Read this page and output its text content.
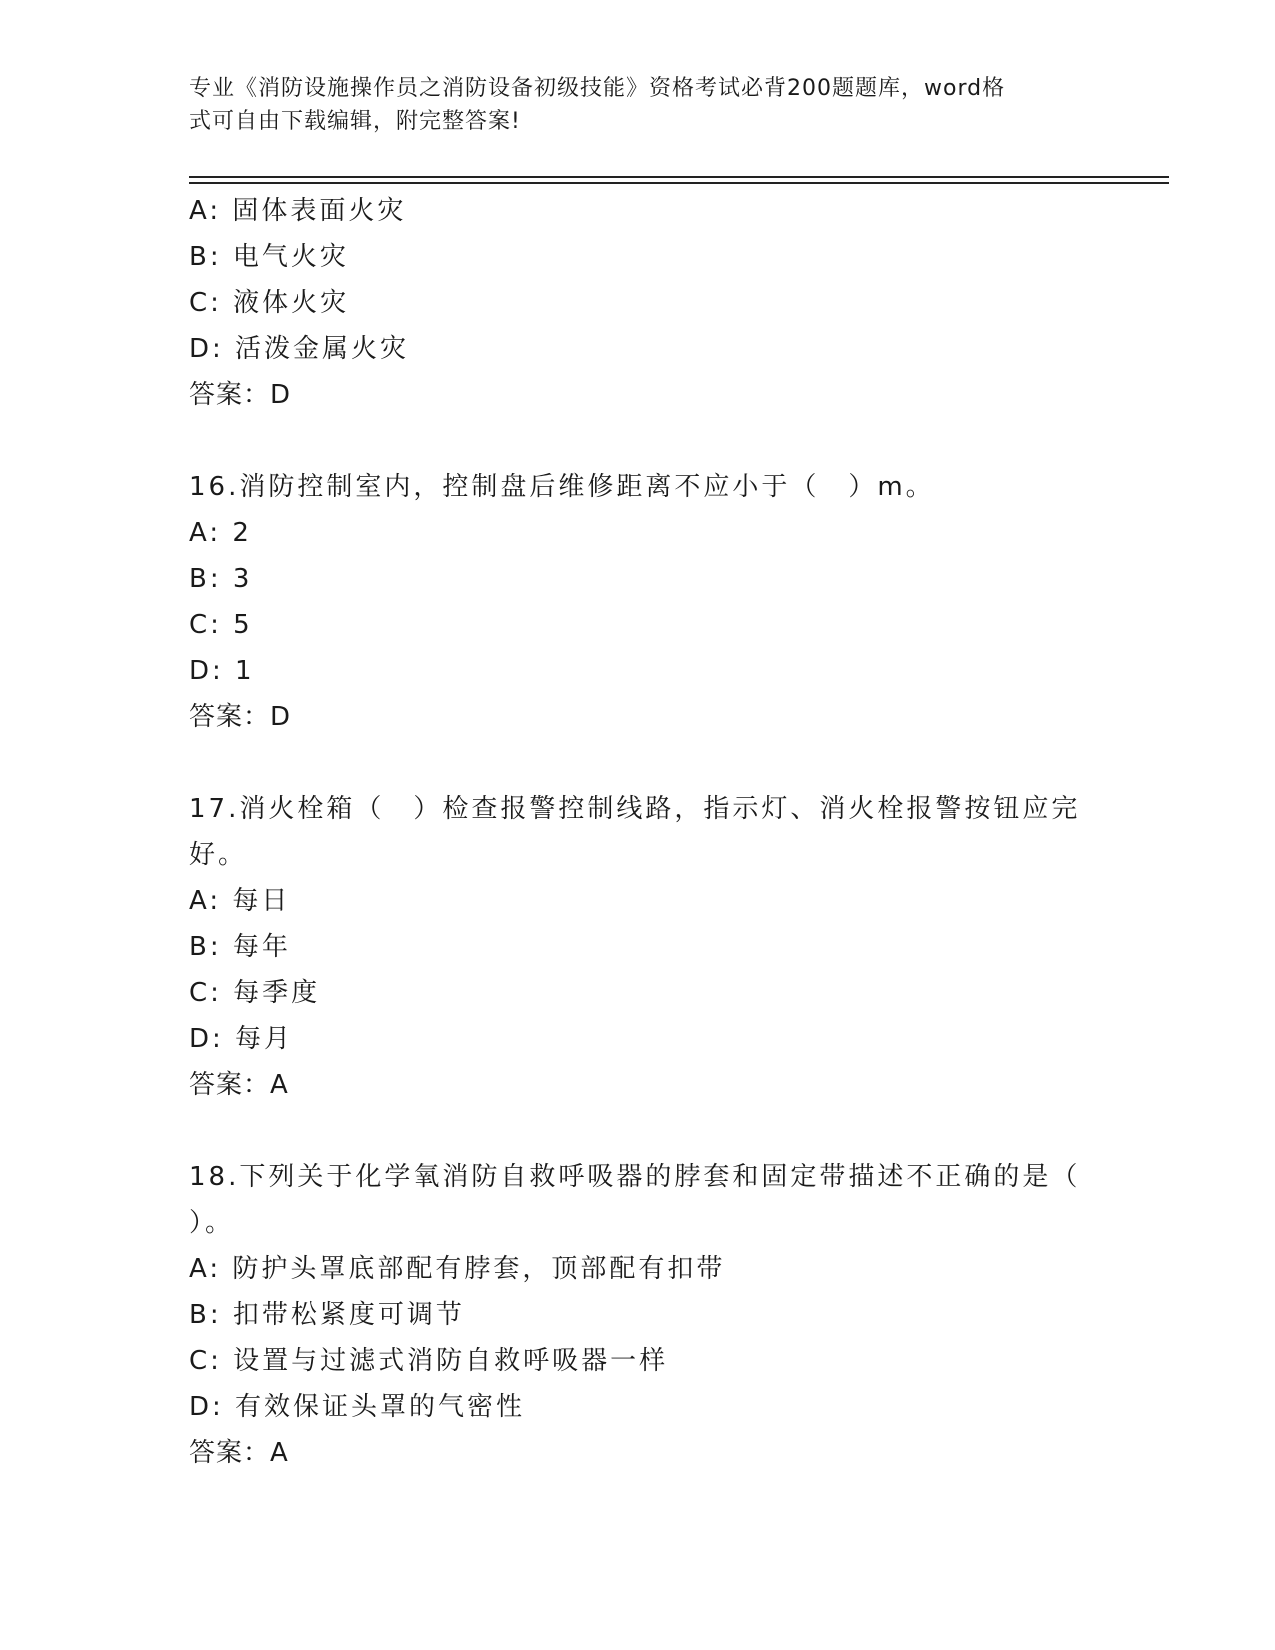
专业《消防设施操作员之消防设备初级技能》资格考试必背200题题库，word格
式可自由下载编辑，附完整答案!
A: 固体表面火灾
B: 电气火灾
C: 液体火灾
D: 活泼金属火灾
答案：D
16.消防控制室内，控制盘后维修距离不应小于（　）m。
A: 2
B: 3
C: 5
D: 1
答案：D
17.消火栓箱（　）检查报警控制线路，指示灯、消火栓报警按钮应完
好。
A: 每日
B: 每年
C: 每季度
D: 每月
答案：A
18.下列关于化学氧消防自救呼吸器的脖套和固定带描述不正确的是（
）。
A: 防护头罩底部配有脖套，顶部配有扣带
B: 扣带松紧度可调节
C: 设置与过滤式消防自救呼吸器一样
D: 有效保证头罩的气密性
答案：A
